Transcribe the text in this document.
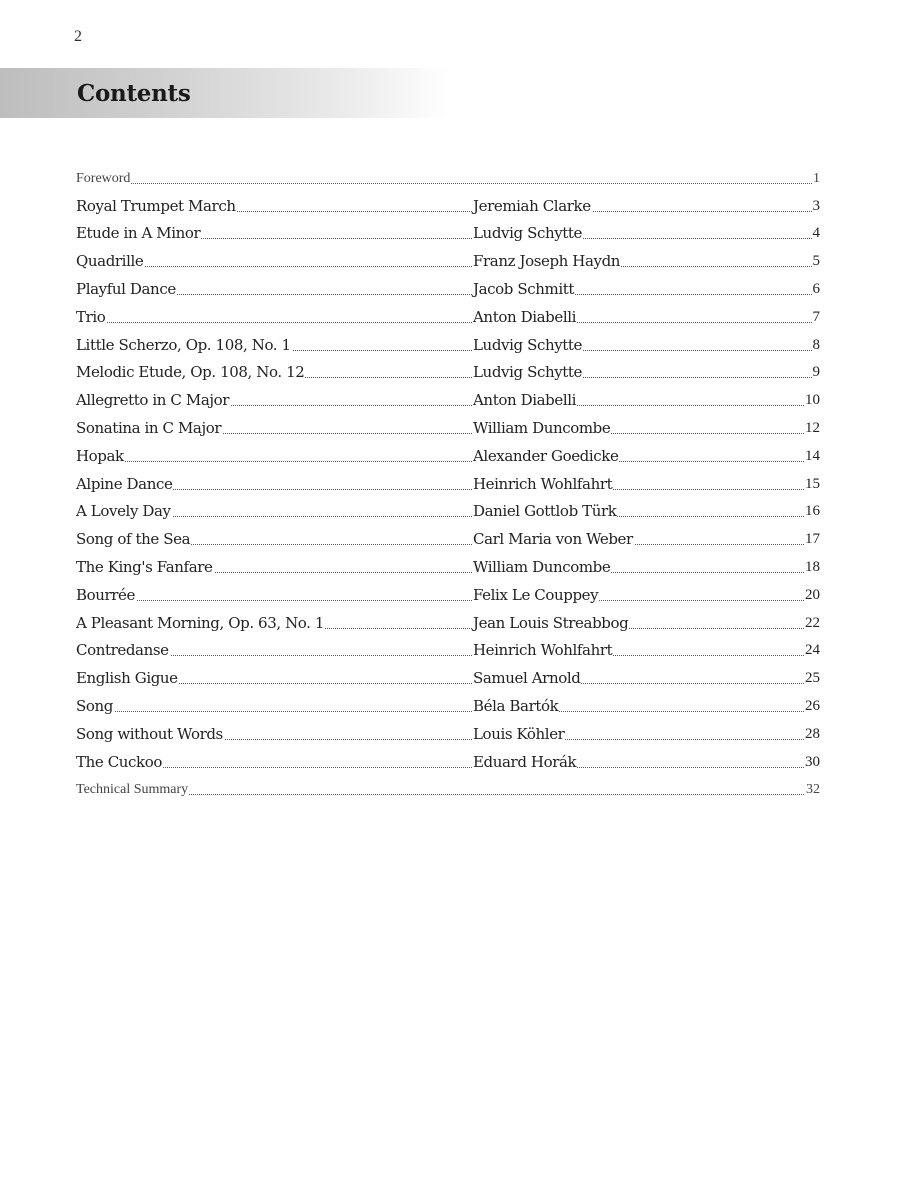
2
Contents
Foreword	1
Royal Trumpet March	Jeremiah Clarke	3
Etude in A Minor	Ludvig Schytte	4
Quadrille	Franz Joseph Haydn	5
Playful Dance	Jacob Schmitt	6
Trio	Anton Diabelli	7
Little Scherzo, Op. 108, No. 1	Ludvig Schytte	8
Melodic Etude, Op. 108, No. 12	Ludvig Schytte	9
Allegretto in C Major	Anton Diabelli	10
Sonatina in C Major	William Duncombe	12
Hopak	Alexander Goedicke	14
Alpine Dance	Heinrich Wohlfahrt	15
A Lovely Day	Daniel Gottlob Türk	16
Song of the Sea	Carl Maria von Weber	17
The King's Fanfare	William Duncombe	18
Bourrée	Felix Le Couppey	20
A Pleasant Morning, Op. 63, No. 1	Jean Louis Streabbog	22
Contredanse	Heinrich Wohlfahrt	24
English Gigue	Samuel Arnold	25
Song	Béla Bartók	26
Song without Words	Louis Köhler	28
The Cuckoo	Eduard Horák	30
Technical Summary	32
